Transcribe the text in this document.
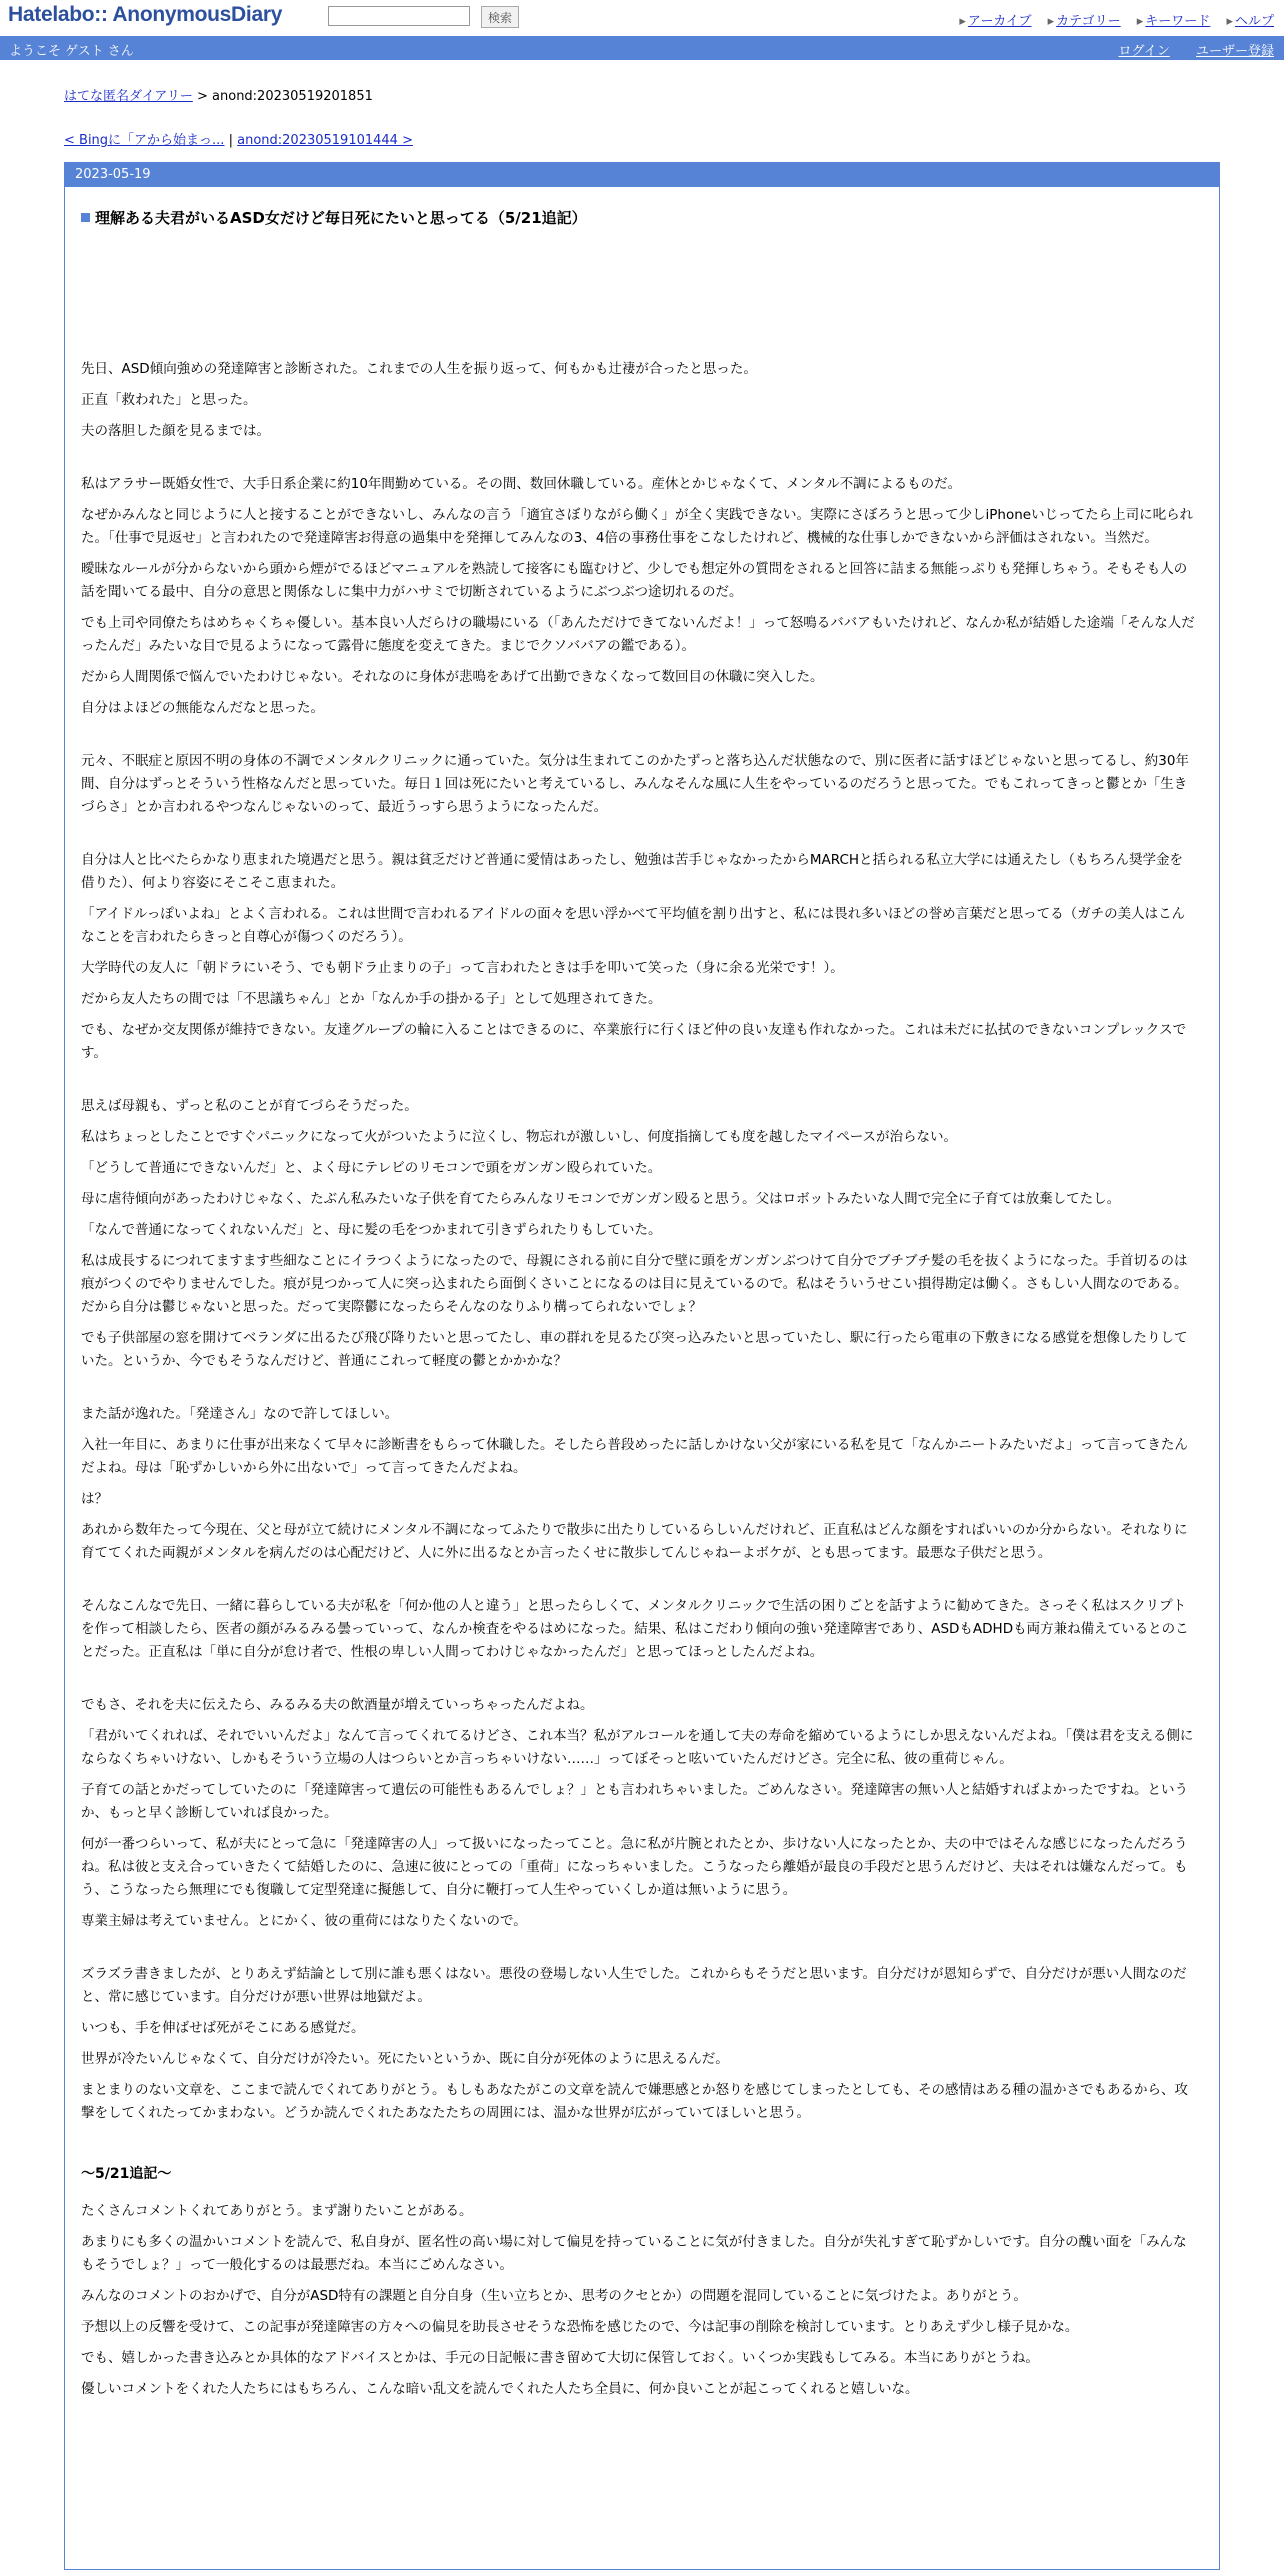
Hatelabo:: AnonymousDiary	検索	▸ アーカイブ ▸ カテゴリー ▸ キーワード ▸ ヘルプ
ようこそ ゲスト さん	ログイン ユーザー登録
はてな匿名ダイアリー > anond:20230519201851
< Bingに「アから始まっ... | anond:20230519101444 >
2023-05-19
理解ある夫君がいるASD女だけど毎日死にたいと思ってる（5/21追記）

先日、ASD傾向強めの発達障害と診断された。これまでの人生を振り返って、何もかも辻褄が合ったと思った。

正直「救われた」と思った。

夫の落胆した顔を見るまでは。

私はアラサー既婚女性で、大手日系企業に約10年間勤めている。その間、数回休職している。産休とかじゃなくて、メンタル不調によるものだ。

なぜかみんなと同じように人と接することができないし、みんなの言う「適宜さぼりながら働く」が全く実践できない。実際にさぼろうと思って少しiPhoneいじってたら上司に叱られた。「仕事で見返せ」と言われたので発達障害お得意の過集中を発揮してみんなの3、4倍の事務仕事をこなしたけれど、機械的な仕事しかできないから評価はされない。当然だ。

曖昧なルールが分からないから頭から煙がでるほどマニュアルを熟読して接客にも臨むけど、少しでも想定外の質問をされると回答に詰まる無能っぷりも発揮しちゃう。そもそも人の話を聞いてる最中、自分の意思と関係なしに集中力がハサミで切断されているようにぶつぶつ途切れるのだ。

でも上司や同僚たちはめちゃくちゃ優しい。基本良い人だらけの職場にいる（「あんただけできてないんだよ！」って怒鳴るババアもいたけれど、なんか私が結婚した途端「そんな人だったんだ」みたいな目で見るようになって露骨に態度を変えてきた。まじでクソババアの鑑である）。

だから人間関係で悩んでいたわけじゃない。それなのに身体が悲鳴をあげて出勤できなくなって数回目の休職に突入した。

自分はよほどの無能なんだなと思った。

元々、不眠症と原因不明の身体の不調でメンタルクリニックに通っていた。気分は生まれてこのかたずっと落ち込んだ状態なので、別に医者に話すほどじゃないと思ってるし、約30年間、自分はずっとそういう性格なんだと思っていた。毎日１回は死にたいと考えているし、みんなそんな風に人生をやっているのだろうと思ってた。でもこれってきっと鬱とか「生きづらさ」とか言われるやつなんじゃないのって、最近うっすら思うようになったんだ。

自分は人と比べたらかなり恵まれた境遇だと思う。親は貧乏だけど普通に愛情はあったし、勉強は苦手じゃなかったからMARCHと括られる私立大学には通えたし（もちろん奨学金を借りた）、何より容姿にそこそこ恵まれた。

「アイドルっぽいよね」とよく言われる。これは世間で言われるアイドルの面々を思い浮かべて平均値を割り出すと、私には畏れ多いほどの誉め言葉だと思ってる（ガチの美人はこんなことを言われたらきっと自尊心が傷つくのだろう）。

大学時代の友人に「朝ドラにいそう、でも朝ドラ止まりの子」って言われたときは手を叩いて笑った（身に余る光栄です！）。

だから友人たちの間では「不思議ちゃん」とか「なんか手の掛かる子」として処理されてきた。

でも、なぜか交友関係が維持できない。友達グループの輪に入ることはできるのに、卒業旅行に行くほど仲の良い友達も作れなかった。これは未だに払拭のできないコンプレックスです。

思えば母親も、ずっと私のことが育てづらそうだった。

私はちょっとしたことですぐパニックになって火がついたように泣くし、物忘れが激しいし、何度指摘しても度を越したマイペースが治らない。

「どうして普通にできないんだ」と、よく母にテレビのリモコンで頭をガンガン殴られていた。

母に虐待傾向があったわけじゃなく、たぶん私みたいな子供を育てたらみんなリモコンでガンガン殴ると思う。父はロボットみたいな人間で完全に子育ては放棄してたし。

「なんで普通になってくれないんだ」と、母に髪の毛をつかまれて引きずられたりもしていた。

私は成長するにつれてますます些細なことにイラつくようになったので、母親にされる前に自分で壁に頭をガンガンぶつけて自分でブチブチ髪の毛を抜くようになった。手首切るのは痕がつくのでやりませんでした。痕が見つかって人に突っ込まれたら面倒くさいことになるのは目に見えているので。私はそういうせこい損得勘定は働く。さもしい人間なのである。だから自分は鬱じゃないと思った。だって実際鬱になったらそんなのなりふり構ってられないでしょ？

でも子供部屋の窓を開けてベランダに出るたび飛び降りたいと思ってたし、車の群れを見るたび突っ込みたいと思っていたし、駅に行ったら電車の下敷きになる感覚を想像したりしていた。というか、今でもそうなんだけど、普通にこれって軽度の鬱とかかかな？

また話が逸れた。「発達さん」なので許してほしい。

入社一年目に、あまりに仕事が出来なくて早々に診断書をもらって休職した。そしたら普段めったに話しかけない父が家にいる私を見て「なんかニートみたいだよ」って言ってきたんだよね。母は「恥ずかしいから外に出ないで」って言ってきたんだよね。

は？

あれから数年たって今現在、父と母が立て続けにメンタル不調になってふたりで散歩に出たりしているらしいんだけれど、正直私はどんな顔をすればいいのか分からない。それなりに育ててくれた両親がメンタルを病んだのは心配だけど、人に外に出るなとか言ったくせに散歩してんじゃねーよボケが、とも思ってます。最悪な子供だと思う。

そんなこんなで先日、一緒に暮らしている夫が私を「何か他の人と違う」と思ったらしくて、メンタルクリニックで生活の困りごとを話すように勧めてきた。さっそく私はスクリプトを作って相談したら、医者の顔がみるみる曇っていって、なんか検査をやるはめになった。結果、私はこだわり傾向の強い発達障害であり、ASDもADHDも両方兼ね備えているとのことだった。正直私は「単に自分が怠け者で、性根の卑しい人間ってわけじゃなかったんだ」と思ってほっとしたんだよね。

でもさ、それを夫に伝えたら、みるみる夫の飲酒量が増えていっちゃったんだよね。

「君がいてくれれば、それでいいんだよ」なんて言ってくれてるけどさ、これ本当？私がアルコールを通して夫の寿命を縮めているようにしか思えないんだよね。「僕は君を支える側にならなくちゃいけない、しかもそういう立場の人はつらいとか言っちゃいけない……」ってぼそっと呟いていたんだけどさ。完全に私、彼の重荷じゃん。

子育ての話とかだってしていたのに「発達障害って遺伝の可能性もあるんでしょ？」とも言われちゃいました。ごめんなさい。発達障害の無い人と結婚すればよかったですね。というか、もっと早く診断していれば良かった。

何が一番つらいって、私が夫にとって急に「発達障害の人」って扱いになったってこと。急に私が片腕とれたとか、歩けない人になったとか、夫の中ではそんな感じになったんだろうね。私は彼と支え合っていきたくて結婚したのに、急速に彼にとっての「重荷」になっちゃいました。こうなったら離婚が最良の手段だと思うんだけど、夫はそれは嫌なんだって。もう、こうなったら無理にでも復職して定型発達に擬態して、自分に鞭打って人生やっていくしか道は無いように思う。

専業主婦は考えていません。とにかく、彼の重荷にはなりたくないので。

ズラズラ書きましたが、とりあえず結論として別に誰も悪くはない。悪役の登場しない人生でした。これからもそうだと思います。自分だけが恩知らずで、自分だけが悪い人間なのだと、常に感じています。自分だけが悪い世界は地獄だよ。

いつも、手を伸ばせば死がそこにある感覚だ。

世界が冷たいんじゃなくて、自分だけが冷たい。死にたいというか、既に自分が死体のように思えるんだ。

まとまりのない文章を、ここまで読んでくれてありがとう。もしもあなたがこの文章を読んで嫌悪感とか怒りを感じてしまったとしても、その感情はある種の温かさでもあるから、攻撃をしてくれたってかまわない。どうか読んでくれたあなたたちの周囲には、温かな世界が広がっていてほしいと思う。

～5/21追記～

たくさんコメントくれてありがとう。まず謝りたいことがある。

あまりにも多くの温かいコメントを読んで、私自身が、匿名性の高い場に対して偏見を持っていることに気が付きました。自分が失礼すぎて恥ずかしいです。自分の醜い面を「みんなもそうでしょ？」って一般化するのは最悪だね。本当にごめんなさい。

みんなのコメントのおかげで、自分がASD特有の課題と自分自身（生い立ちとか、思考のクセとか）の問題を混同していることに気づけたよ。ありがとう。

予想以上の反響を受けて、この記事が発達障害の方々への偏見を助長させそうな恐怖を感じたので、今は記事の削除を検討しています。とりあえず少し様子見かな。

でも、嬉しかった書き込みとか具体的なアドバイスとかは、手元の日記帳に書き留めて大切に保管しておく。いくつか実践もしてみる。本当にありがとうね。

優しいコメントをくれた人たちにはもちろん、こんな暗い乱文を読んでくれた人たち全員に、何か良いことが起こってくれると嬉しいな。
